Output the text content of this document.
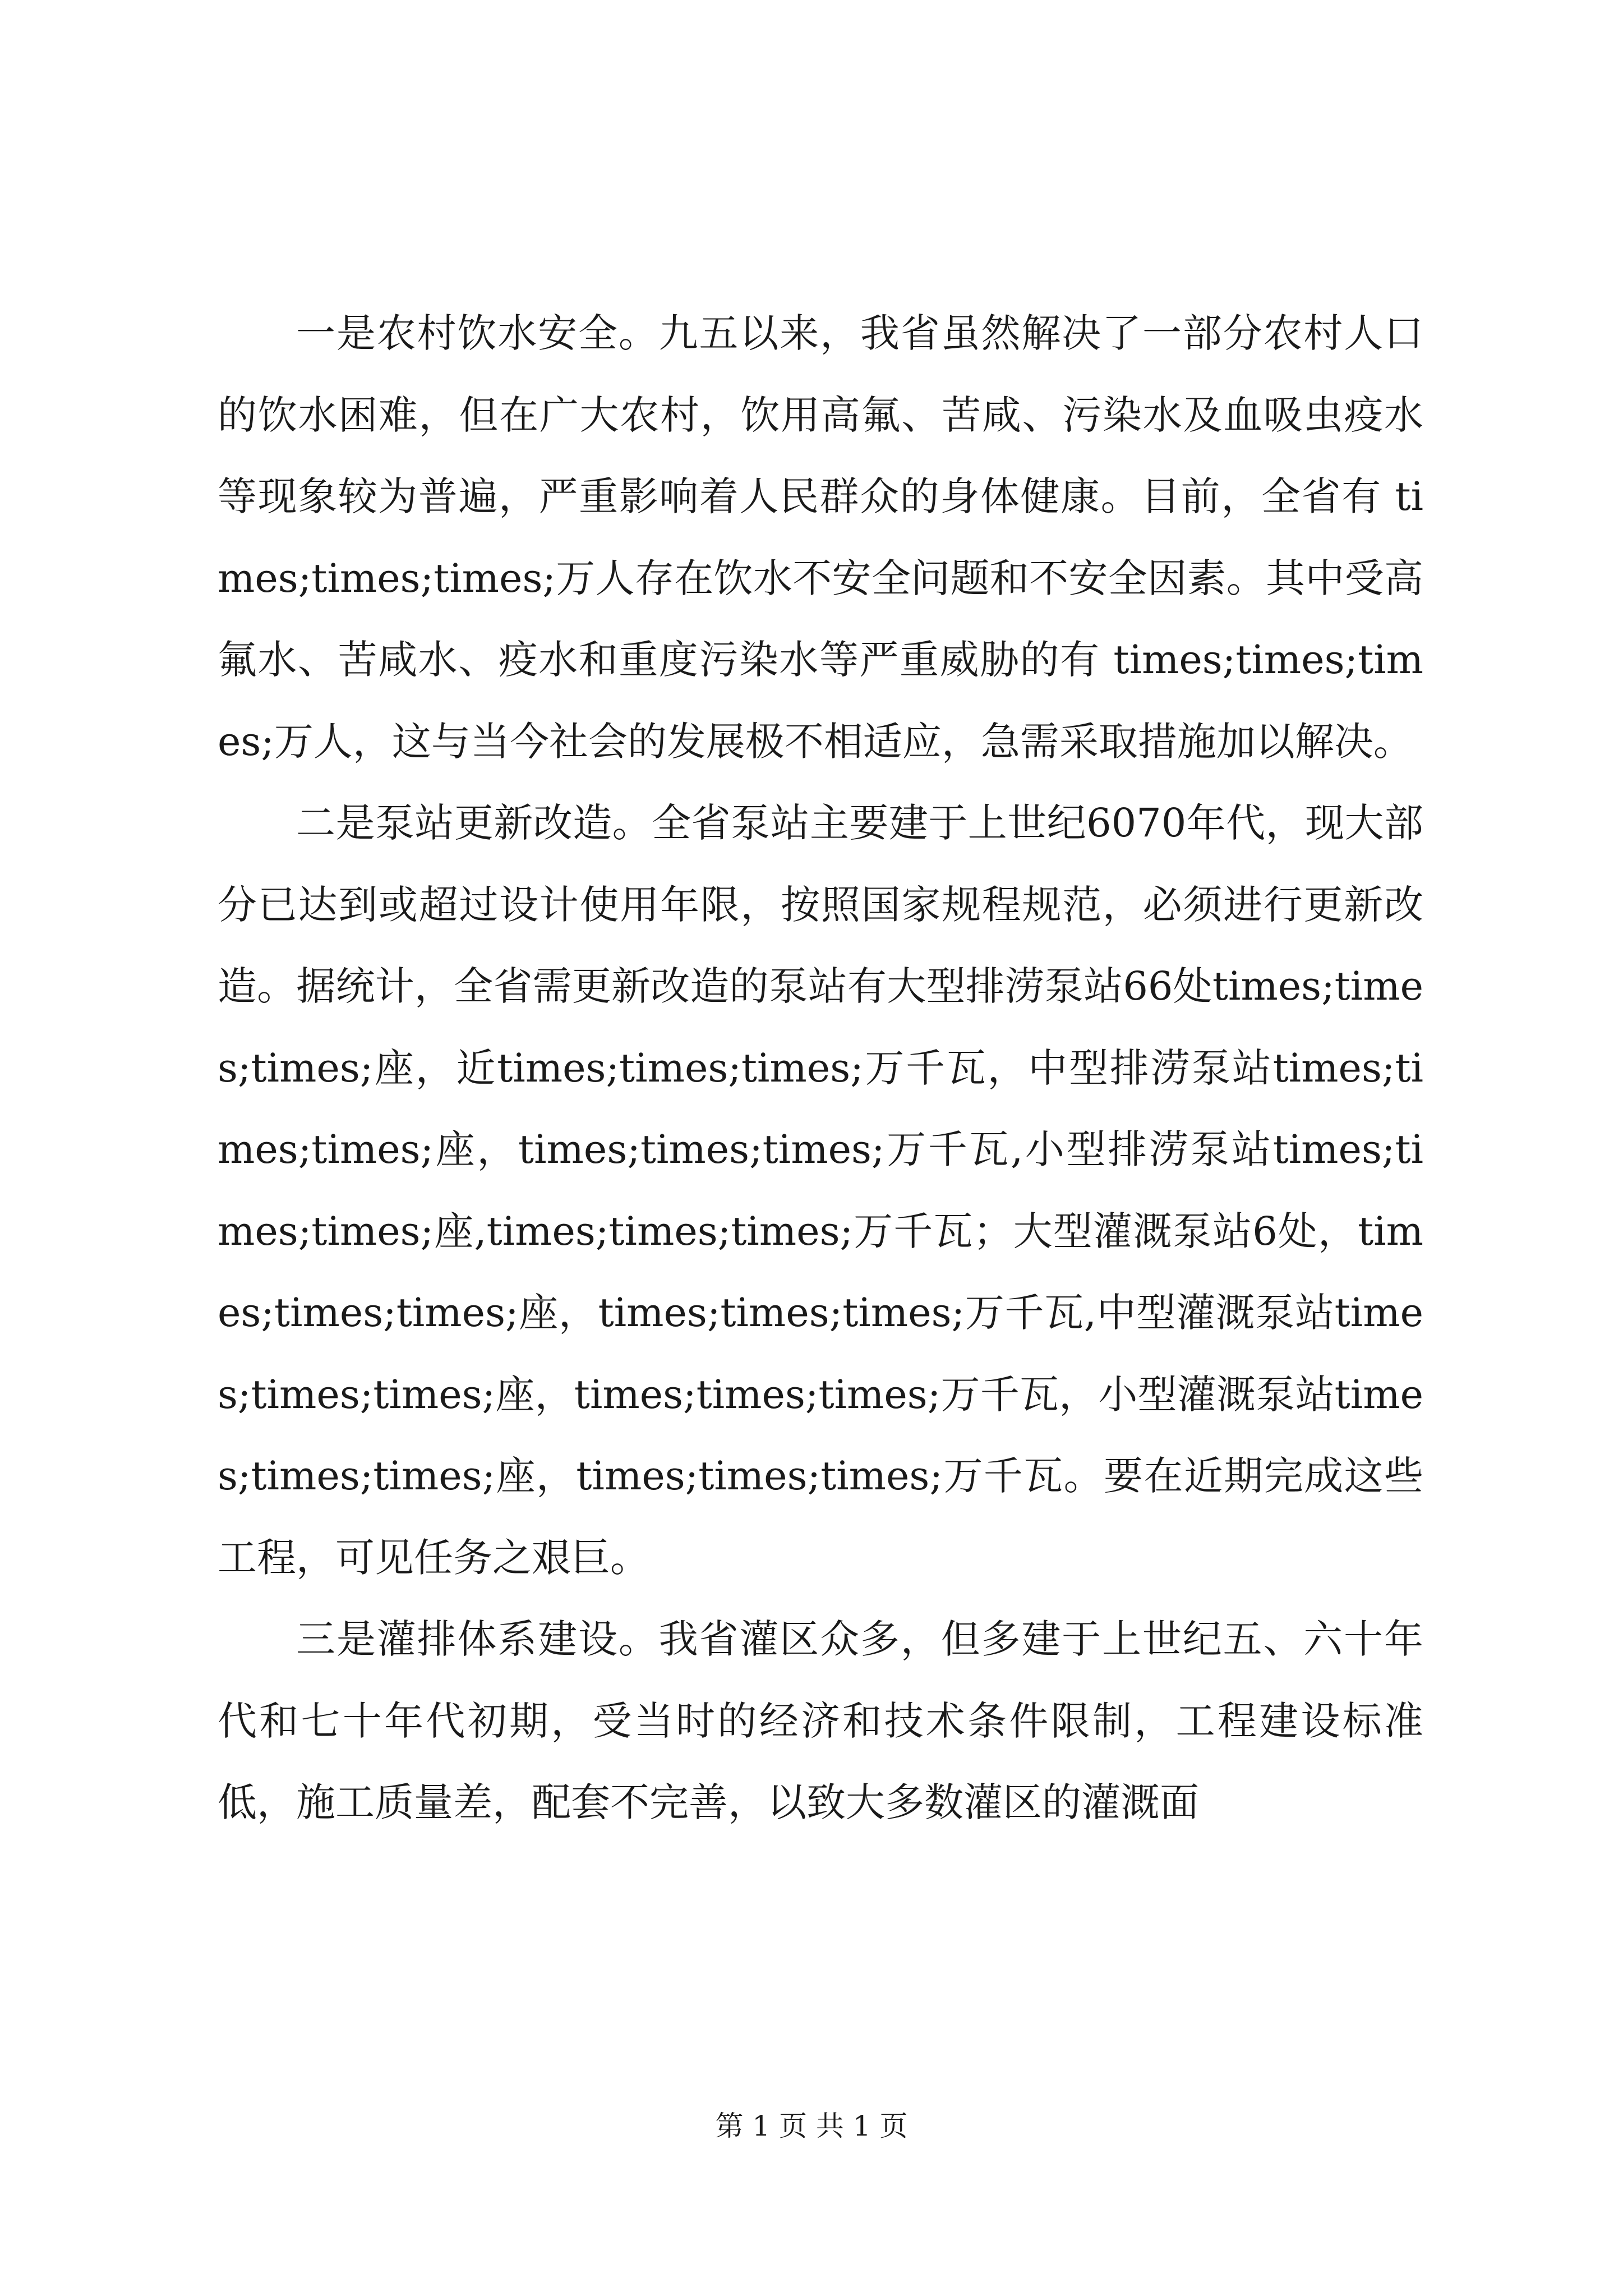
一是农村饮水安全。九五以来，我省虽然解决了一部分农村人口的饮水困难，但在广大农村，饮用高氟、苦咸、污染水及血吸虫疫水等现象较为普遍，严重影响着人民群众的身体健康。目前，全省有 times;times;times;万人存在饮水不安全问题和不安全因素。其中受高氟水、苦咸水、疫水和重度污染水等严重威胁的有 times;times;times;万人，这与当今社会的发展极不相适应，急需采取措施加以解决。

二是泵站更新改造。全省泵站主要建于上世纪6070年代，现大部分已达到或超过设计使用年限，按照国家规程规范，必须进行更新改造。据统计，全省需更新改造的泵站有大型排涝泵站66处times;times;times;座，近times;times;times;万千瓦，中型排涝泵站times;times;times;座，times;times;times;万千瓦,小型排涝泵站times;times;times;座,times;times;times;万千瓦；大型灌溉泵站6处，times;times;times;座，times;times;times;万千瓦,中型灌溉泵站times;times;times;座，times;times;times;万千瓦，小型灌溉泵站times;times;times;座，times;times;times;万千瓦。要在近期完成这些工程，可见任务之艰巨。

三是灌排体系建设。我省灌区众多，但多建于上世纪五、六十年代和七十年代初期，受当时的经济和技术条件限制，工程建设标准低，施工质量差，配套不完善，以致大多数灌区的灌溉面

第 1 页 共 1 页
